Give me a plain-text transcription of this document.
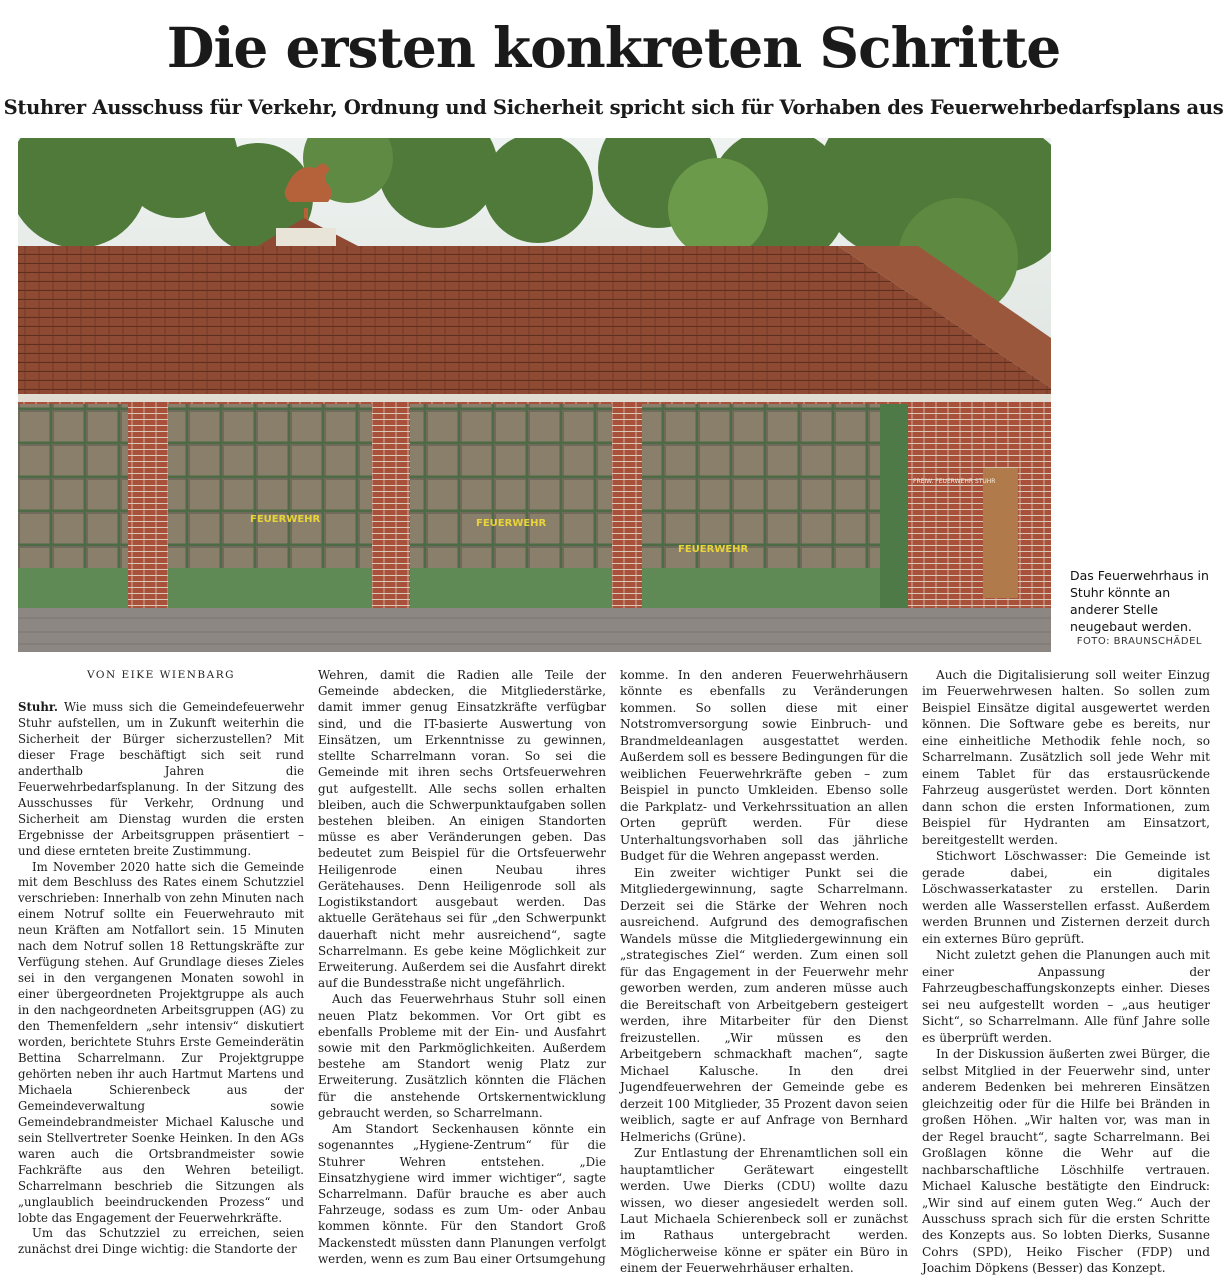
Die ersten konkreten Schritte
Stuhrer Ausschuss für Verkehr, Ordnung und Sicherheit spricht sich für Vorhaben des Feuerwehrbedarfsplans aus
FEUERWEHR	FEUERWEHR
FEUERWEHR
FREIW. FEUERWEHR STUHR
Das Feuerwehrhaus in Stuhr könnte an anderer Stelle neugebaut werden.
FOTO: BRAUNSCHÄDEL
VON EIKE WIENBARG

Stuhr. Wie muss sich die Gemeindefeuerwehr Stuhr aufstellen, um in Zukunft weiterhin die Sicherheit der Bürger sicherzustellen? Mit dieser Frage beschäftigt sich seit rund anderthalb Jahren die Feuerwehrbedarfsplanung. In der Sitzung des Ausschusses für Verkehr, Ordnung und Sicherheit am Dienstag wurden die ersten Ergebnisse der Arbeitsgruppen präsentiert – und diese ernteten breite Zustimmung.

Im November 2020 hatte sich die Gemeinde mit dem Beschluss des Rates einem Schutzziel verschrieben: Innerhalb von zehn Minuten nach einem Notruf sollte ein Feuerwehrauto mit neun Kräften am Notfallort sein. 15 Minuten nach dem Notruf sollen 18 Rettungskräfte zur Verfügung stehen. Auf Grundlage dieses Zieles sei in den vergangenen Monaten sowohl in einer übergeordneten Projektgruppe als auch in den nachgeordneten Arbeitsgruppen (AG) zu den Themenfeldern „sehr intensiv“ diskutiert worden, berichtete Stuhrs Erste Gemeinderätin Bettina Scharrelmann. Zur Projektgruppe gehörten neben ihr auch Hartmut Martens und Michaela Schierenbeck aus der Gemeindeverwaltung sowie Gemeindebrandmeister Michael Kalusche und sein Stellvertreter Soenke Heinken. In den AGs waren auch die Ortsbrandmeister sowie Fachkräfte aus den Wehren beteiligt. Scharrelmann beschrieb die Sitzungen als „unglaublich beeindruckenden Prozess“ und lobte das Engagement der Feuerwehrkräfte.

Um das Schutzziel zu erreichen, seien zunächst drei Dinge wichtig: die Standorte der

Wehren, damit die Radien alle Teile der Gemeinde abdecken, die Mitgliederstärke, damit immer genug Einsatzkräfte verfügbar sind, und die IT-basierte Auswertung von Einsätzen, um Erkenntnisse zu gewinnen, stellte Scharrelmann voran. So sei die Gemeinde mit ihren sechs Ortsfeuerwehren gut aufgestellt. Alle sechs sollen erhalten bleiben, auch die Schwerpunktaufgaben sollen bestehen bleiben. An einigen Standorten müsse es aber Veränderungen geben. Das bedeutet zum Beispiel für die Ortsfeuerwehr Heiligenrode einen Neubau ihres Gerätehauses. Denn Heiligenrode soll als Logistikstandort ausgebaut werden. Das aktuelle Gerätehaus sei für „den Schwerpunkt dauerhaft nicht mehr ausreichend“, sagte Scharrelmann. Es gebe keine Möglichkeit zur Erweiterung. Außerdem sei die Ausfahrt direkt auf die Bundesstraße nicht ungefährlich.

Auch das Feuerwehrhaus Stuhr soll einen neuen Platz bekommen. Vor Ort gibt es ebenfalls Probleme mit der Ein- und Ausfahrt sowie mit den Parkmöglichkeiten. Außerdem bestehe am Standort wenig Platz zur Erweiterung. Zusätzlich könnten die Flächen für die anstehende Ortskernentwicklung gebraucht werden, so Scharrelmann.

Am Standort Seckenhausen könnte ein sogenanntes „Hygiene-Zentrum“ für die Stuhrer Wehren entstehen. „Die Einsatzhygiene wird immer wichtiger“, sagte Scharrelmann. Dafür brauche es aber auch Fahrzeuge, sodass es zum Um- oder Anbau kommen könnte. Für den Standort Groß Mackenstedt müssten dann Planungen verfolgt werden, wenn es zum Bau einer Ortsumgehung

komme. In den anderen Feuerwehrhäusern könnte es ebenfalls zu Veränderungen kommen. So sollen diese mit einer Notstromversorgung sowie Einbruch- und Brandmeldeanlagen ausgestattet werden. Außerdem soll es bessere Bedingungen für die weiblichen Feuerwehrkräfte geben – zum Beispiel in puncto Umkleiden. Ebenso solle die Parkplatz- und Verkehrssituation an allen Orten geprüft werden. Für diese Unterhaltungsvorhaben soll das jährliche Budget für die Wehren angepasst werden.

Ein zweiter wichtiger Punkt sei die Mitgliedergewinnung, sagte Scharrelmann. Derzeit sei die Stärke der Wehren noch ausreichend. Aufgrund des demografischen Wandels müsse die Mitgliedergewinnung ein „strategisches Ziel“ werden. Zum einen soll für das Engagement in der Feuerwehr mehr geworben werden, zum anderen müsse auch die Bereitschaft von Arbeitgebern gesteigert werden, ihre Mitarbeiter für den Dienst freizustellen. „Wir müssen es den Arbeitgebern schmackhaft machen“, sagte Michael Kalusche. In den drei Jugendfeuerwehren der Gemeinde gebe es derzeit 100 Mitglieder, 35 Prozent davon seien weiblich, sagte er auf Anfrage von Bernhard Helmerichs (Grüne).

Zur Entlastung der Ehrenamtlichen soll ein hauptamtlicher Gerätewart eingestellt werden. Uwe Dierks (CDU) wollte dazu wissen, wo dieser angesiedelt werden soll. Laut Michaela Schierenbeck soll er zunächst im Rathaus untergebracht werden. Möglicherweise könne er später ein Büro in einem der Feuerwehrhäuser erhalten.

Auch die Digitalisierung soll weiter Einzug im Feuerwehrwesen halten. So sollen zum Beispiel Einsätze digital ausgewertet werden können. Die Software gebe es bereits, nur eine einheitliche Methodik fehle noch, so Scharrelmann. Zusätzlich soll jede Wehr mit einem Tablet für das erstausrückende Fahrzeug ausgerüstet werden. Dort könnten dann schon die ersten Informationen, zum Beispiel für Hydranten am Einsatzort, bereitgestellt werden.

Stichwort Löschwasser: Die Gemeinde ist gerade dabei, ein digitales Löschwasserkataster zu erstellen. Darin werden alle Wasserstellen erfasst. Außerdem werden Brunnen und Zisternen derzeit durch ein externes Büro geprüft.

Nicht zuletzt gehen die Planungen auch mit einer Anpassung der Fahrzeugbeschaffungskonzepts einher. Dieses sei neu aufgestellt worden – „aus heutiger Sicht“, so Scharrelmann. Alle fünf Jahre solle es überprüft werden.

In der Diskussion äußerten zwei Bürger, die selbst Mitglied in der Feuerwehr sind, unter anderem Bedenken bei mehreren Einsätzen gleichzeitig oder für die Hilfe bei Bränden in großen Höhen. „Wir halten vor, was man in der Regel braucht“, sagte Scharrelmann. Bei Großlagen könne die Wehr auf die nachbarschaftliche Löschhilfe vertrauen. Michael Kalusche bestätigte den Eindruck: „Wir sind auf einem guten Weg.“ Auch der Ausschuss sprach sich für die ersten Schritte des Konzepts aus. So lobten Dierks, Susanne Cohrs (SPD), Heiko Fischer (FDP) und Joachim Döpkens (Besser) das Konzept.
